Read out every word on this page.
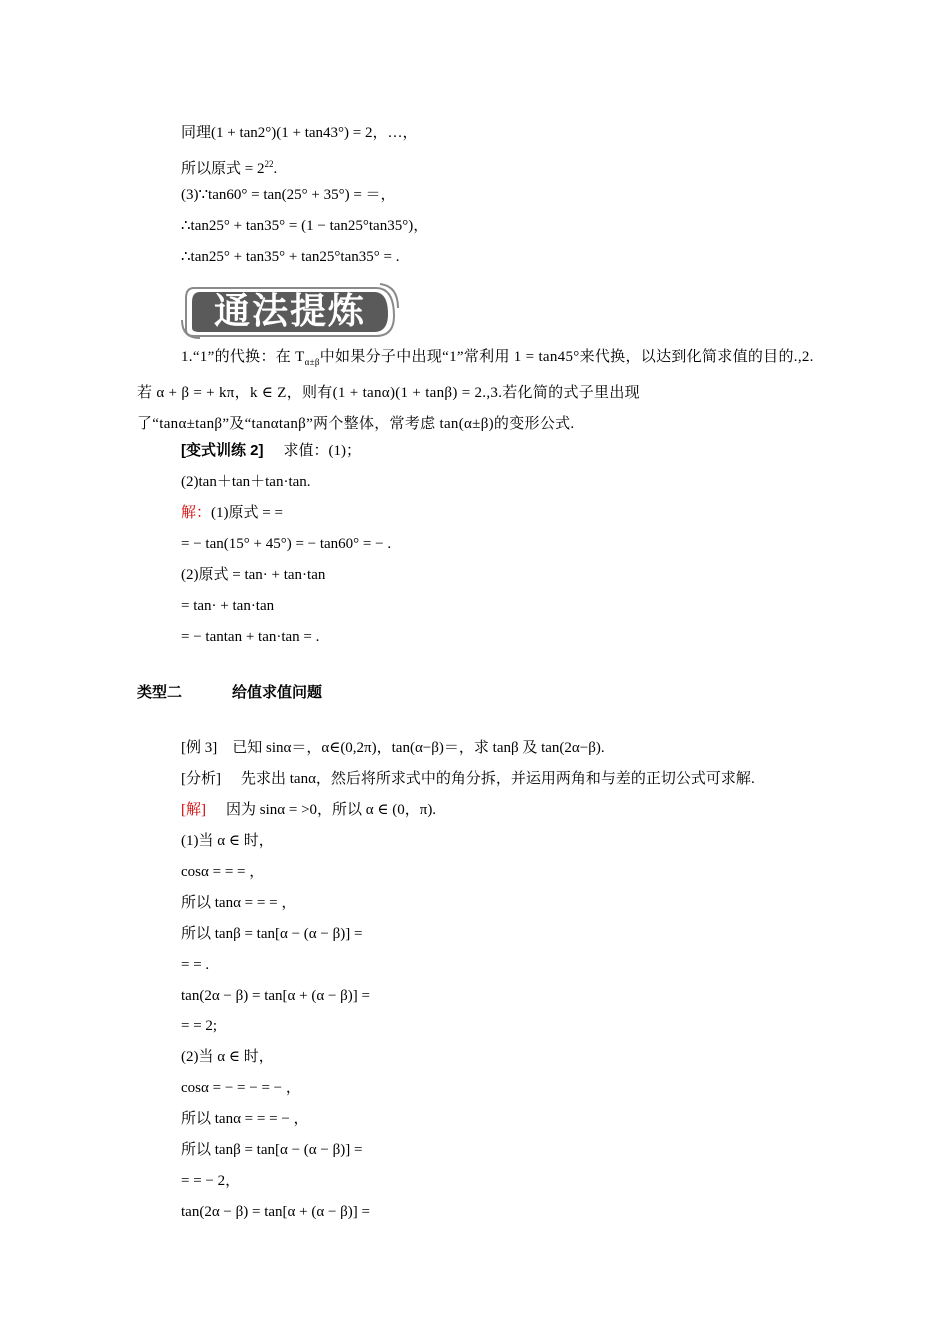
同理(1 + tan2°)(1 + tan43°) = 2，…，
所以原式 = $2^{22}$.
(3)∵tan60° = tan(25° + 35°) = ＝，
∴tan25° + tan35° = (1 − tan25°tan35°)，
∴tan25° + tan35° + tan25°tan35° = .
通法提炼
1.“1”的代换：在 $T_{\alpha\pm\beta}$中如果分子中出现“1”常利用 1 = tan45°来代换，以达到化简求值的目的.,2.若 α + β = + kπ，k ∈ Z，则有(1 + tanα)(1 + tanβ) = 2.,3.若化简的式子里出现了“tanα±tanβ”及“tanαtanβ”两个整体，常考虑 tan(α±β)的变形公式.
[变式训练 2] 求值：(1)；
(2)tan＋tan＋tan·tan.
解：(1)原式 = =
= − tan(15° + 45°) = − tan60° = − .
(2)原式 = tan· + tan·tan
= tan· + tan·tan
= − tantan + tan·tan = .
类型二	给值求值问题
[例 3]　已知 sinα＝，α∈(0,2π)，tan(α−β)＝，求 tanβ 及 tan(2α−β).
[分析] 先求出 tanα，然后将所求式中的角分拆，并运用两角和与差的正切公式可求解.
[解] 因为 sinα = >0，所以 α ∈ (0，π).
(1)当 α ∈ 时，
cosα = = = ，
所以 tanα = = = ，
所以 tanβ = tan[α − (α − β)] =
= = .
tan(2α − β) = tan[α + (α − β)] =
= = 2;
(2)当 α ∈ 时，
cosα = − = − = − ，
所以 tanα = = = − ，
所以 tanβ = tan[α − (α − β)] =
= = − 2，
tan(2α − β) = tan[α + (α − β)] =
